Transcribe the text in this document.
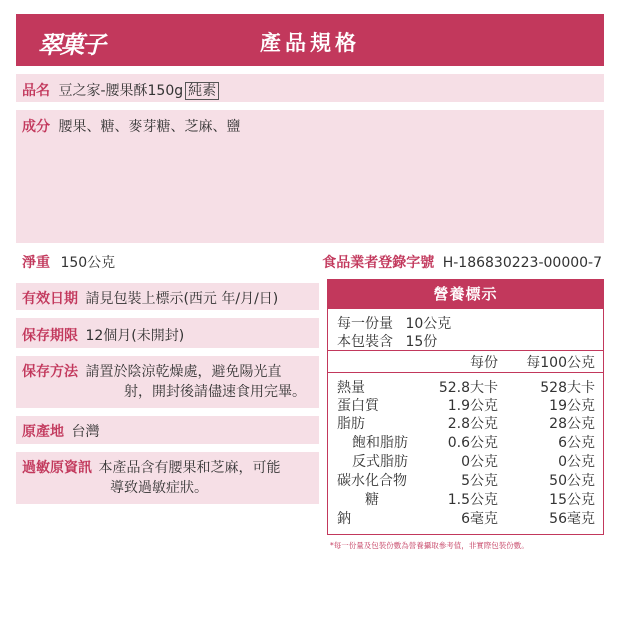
翠菓子	產品規格
品名 豆之家-腰果酥150g 純素
成分 腰果、糖、麥芽糖、芝麻、鹽
淨重 150公克	食品業者登錄字號 H-186830223-00000-7
有效日期 請見包裝上標示(西元 年/月/日)
保存期限 12個月(未開封)
保存方法 請置於陰涼乾燥處，避免陽光直
射，開封後請儘速食用完畢。
原產地 台灣
過敏原資訊 本產品含有腰果和芝麻，可能
導致過敏症狀。
營養標示
每一份量 10公克
本包裝含 15份
每份 每100公克
熱量	52.8大卡	528大卡
蛋白質	1.9公克	19公克
脂肪	2.8公克	28公克
飽和脂肪	0.6公克	6公克
反式脂肪	0公克	0公克
碳水化合物	5公克	50公克
糖	1.5公克	15公克
鈉	6毫克	56毫克
*每一份量及包裝份數為營養攝取參考值，非實際包裝份數。
